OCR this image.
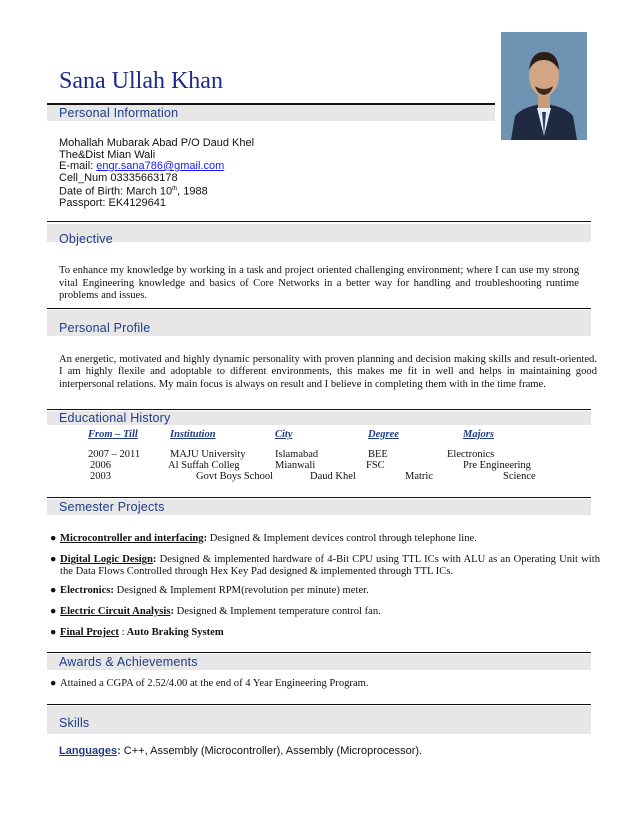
Sana Ullah Khan
Personal Information
Mohallah Mubarak Abad P/O Daud Khel
The&Dist Mian Wali
E-mail: engr.sana786@gmail.com
Cell_Num 03335663178
Date of Birth: March 10th, 1988
Passport: EK4129641
Objective
To enhance my knowledge by working in a task and project oriented challenging environment; where I can use my strong vital Engineering knowledge and basics of Core Networks in a better way for handling and troubleshooting runtime problems and issues.
Personal Profile
An energetic, motivated and highly dynamic personality with proven planning and decision making skills and result-oriented. I am highly flexile and adoptable to different environments, this makes me fit in well and helps in maintaining good interpersonal relations. My main focus is always on result and I believe in completing them with in the time frame.
Educational History
From – Till	Institution	City	Degree	Majors
2007 – 2011	MAJU University	Islamabad	BEE	Electronics
2006	Al Suffah Colleg	Mianwali	FSC	Pre Engineering
2003	Govt Boys School	Daud Khel	Matric	Science
Semester Projects
● Microcontroller and interfacing: Designed & Implement devices control through telephone line.
● Digital Logic Design: Designed & implemented hardware of 4-Bit CPU using TTL ICs with ALU as an Operating Unit with the Data Flows Controlled through Hex Key Pad designed & implemented through TTL ICs.
● Electronics: Designed & Implement RPM(revolution per minute) meter.
● Electric Circuit Analysis: Designed & Implement temperature control fan.
● Final Project : Auto Braking System
Awards & Achievements
● Attained a CGPA of 2.52/4.00 at the end of 4 Year Engineering Program.
Skills
Languages: C++, Assembly (Microcontroller), Assembly (Microprocessor).
